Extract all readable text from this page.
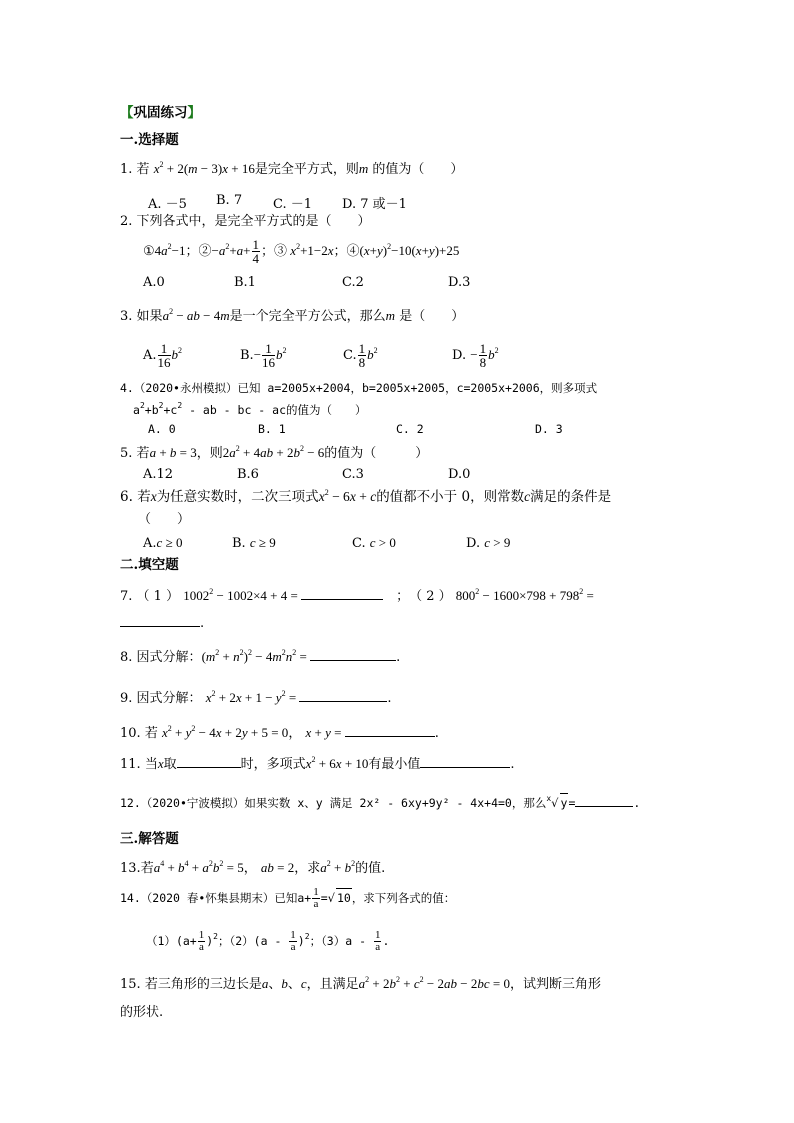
【巩固练习】
一.选择题
1. 若 $x^2 + 2(m - 3)x + 16$是完全平方式，则m 的值为（　　）
A. －5 B. 7 C. －1 D. 7 或－1
2. 下列各式中，是完全平方式的是（　　）
$①4a^2-1$；$②-a^2+a+ \frac{1}{4}$ ；③ $x^2+1-2x$；$④(x+y)^2-10(x+y)+25$
A.0	B.1	C.2	D.3
3. 如果$a^2$ − ab − 4m是一个完全平方公式，那么m 是（　　）
A. $\frac{1}{16} b^2$	$B.- \frac{1}{16} b^2$	C. $\frac{1}{8} b^2$	D. − $\frac{1}{8} b^2$
4.（2020•永州模拟）已知 a=2005x+2004，b=2005x+2005，c=2005x+2006，则多项式
$a^2+b^2+c^2$ - ab - bc - ac的值为（　　）
A. 0	B. 1	C. 2	D. 3
5. 若a + b = 3，则$2a^2 + 4ab + 2b^2 - 6$的值为（　　　）
A.12	B.6	C.3	D.0
6. 若x为任意实数时，二次三项式$x^2 - 6x + c$的值都不小于 0，则常数c满足的条件是
（　　）
A.c ≥ 0	B. c ≥ 9	C. c > 0	D. c > 9
二.填空题
7. （ 1 ） $1002^2 - 1002\times 4 + 4$ =	　；　（ 2 ） $800^2 - 1600\times 798 + 798^2$ =
.
8. 因式分解：$(m^2 + n^2)^2 - 4m^2n^2$ =	.
9. 因式分解： $x^2 + 2x + 1 - y^2$ =	.
10. 若 $x^2 + y^2 - 4x + 2y + 5 = 0$， x + y =	.
11. 当x取	时，多项式$x^2 + 6x + 10$有最小值	.
12.（2020•宁波模拟）如果实数 x、y 满足 2x² - 6xy+9y² - 4x+4=0，那么$^x$√ y=	.
三.解答题
13.若$a^4 + b^4 + a^2b^2 = 5$， ab = 2，求$a^2 + b^2$的值.
14.（2020 春•怀集县期末）已知$a+ \frac{1}{a}$ =√ 10，求下列各式的值：
$(1)(a+ \frac{1}{a} )^2$；$(2)(a - \frac{1}{a} )^2$；$(3)a - \frac{1}{a}$ .
15. 若三角形的三边长是a、b、c，且满足$a^2 + 2b^2 + c^2 - 2ab - 2bc = 0$，试判断三角形
的形状.
